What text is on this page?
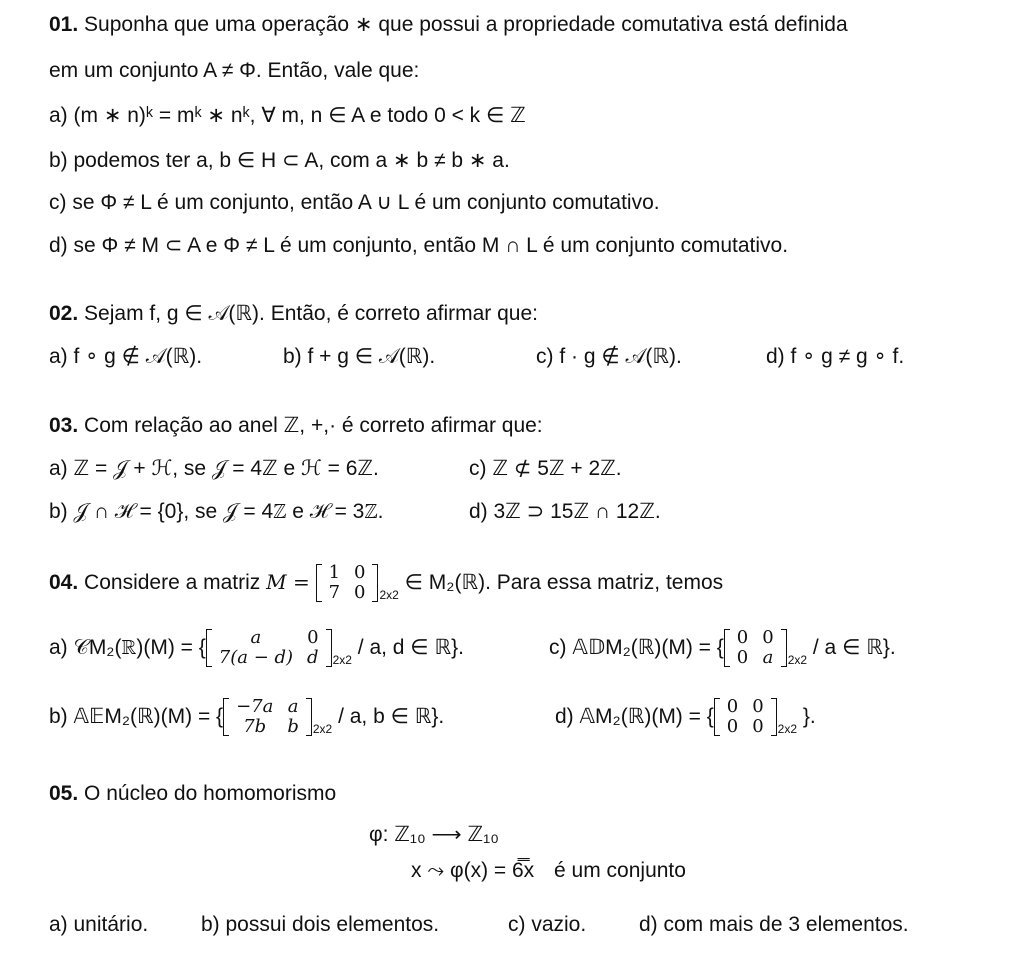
01. Suponha que uma operação ∗ que possui a propriedade comutativa está definida
em um conjunto A ≠ Φ. Então, vale que:
a) (m ∗ n)ᵏ = mᵏ ∗ nᵏ, ∀ m, n ∈ A e todo 0 < k ∈ ℤ
b) podemos ter a, b ∈ H ⊂ A, com a ∗ b ≠ b ∗ a.
c) se Φ ≠ L é um conjunto, então A ∪ L é um conjunto comutativo.
d) se Φ ≠ M ⊂ A e Φ ≠ L é um conjunto, então M ∩ L é um conjunto comutativo.
02. Sejam f, g ∈ 𝒜(ℝ). Então, é correto afirmar que:
a) f ∘ g ∉ 𝒜(ℝ).	b) f + g ∈ 𝒜(ℝ).	c) f · g ∉ 𝒜(ℝ).	d) f ∘ g ≠ g ∘ f.
03. Com relação ao anel ℤ, +,· é correto afirmar que:
a) ℤ = 𝒥 + ℋ, se 𝒥 = 4ℤ e ℋ = 6ℤ.	c) ℤ ⊄ 5ℤ + 2ℤ.
b) 𝒥 ∩ ℋ = {0}, se 𝒥 = 4ℤ e ℋ = 3ℤ.	d) 3ℤ ⊃ 15ℤ ∩ 12ℤ.
04. Considere a matriz M = 1	0
7	0 $_{2x2}$ ∈ M₂(ℝ). Para essa matriz, temos
a) 𝒞M₂(ℝ)(M) = { a	0
7(a − d)	d $_{2x2}$ / a, d ∈ ℝ}.	c) 𝔸𝔻M₂(ℝ)(M) = { 0	0
0	a $_{2x2}$ / a ∈ ℝ}.
b) 𝔸𝔼M₂(ℝ)(M) = { −7a	a
7b	b $_{2x2}$ / a, b ∈ ℝ}.	d) 𝔸M₂(ℝ)(M) = { 0	0
0	0 $_{2x2}$ }.
05. O núcleo do homomorismo
φ: ℤ₁₀ ⟶ ℤ₁₀
x ⤳ φ(x) = 6̿x é um conjunto
a) unitário.	b) possui dois elementos.	c) vazio.	d) com mais de 3 elementos.
